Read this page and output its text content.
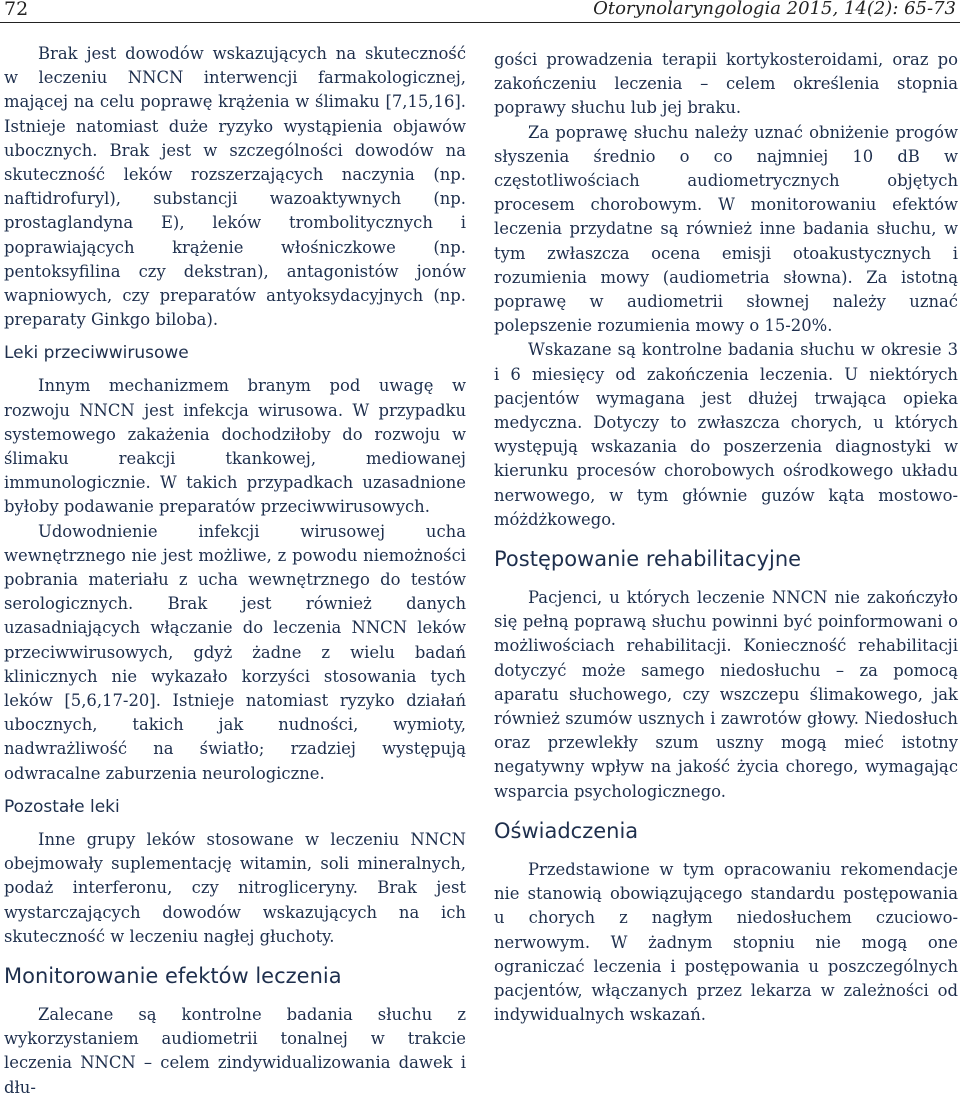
72	Otorynolaryngologia 2015, 14(2): 65-73

Brak jest dowodów wskazujących na skuteczność w leczeniu NNCN interwencji farmakologicznej, mającej na celu poprawę krążenia w ślimaku [7,15,16]. Istnieje natomiast duże ryzyko wystąpienia objawów ubocznych. Brak jest w szczególności dowodów na skuteczność leków rozszerzających naczynia (np. naftidrofuryl), substancji wazoaktywnych (np. prostaglandyna E), leków trombolitycznych i poprawiających krążenie włośniczkowe (np. pentoksyfilina czy dekstran), antagonistów jonów wapniowych, czy preparatów antyoksydacyjnych (np. preparaty Ginkgo biloba).

Leki przeciwwirusowe

Innym mechanizmem branym pod uwagę w rozwoju NNCN jest infekcja wirusowa. W przypadku systemowego zakażenia dochodziłoby do rozwoju w ślimaku reakcji tkankowej, mediowanej immunologicznie. W takich przypadkach uzasadnione byłoby podawanie preparatów przeciwwirusowych.

Udowodnienie infekcji wirusowej ucha wewnętrznego nie jest możliwe, z powodu niemożności pobrania materiału z ucha wewnętrznego do testów serologicznych. Brak jest również danych uzasadniających włączanie do leczenia NNCN leków przeciwwirusowych, gdyż żadne z wielu badań klinicznych nie wykazało korzyści stosowania tych leków [5,6,17-20]. Istnieje natomiast ryzyko działań ubocznych, takich jak nudności, wymioty, nadwrażliwość na światło; rzadziej występują odwracalne zaburzenia neurologiczne.

Pozostałe leki

Inne grupy leków stosowane w leczeniu NNCN obejmowały suplementację witamin, soli mineralnych, podaż interferonu, czy nitrogliceryny. Brak jest wystarczających dowodów wskazujących na ich skuteczność w leczeniu nagłej głuchoty.

Monitorowanie efektów leczenia

Zalecane są kontrolne badania słuchu z wykorzystaniem audiometrii tonalnej w trakcie leczenia NNCN – celem zindywidualizowania dawek i dłu-

gości prowadzenia terapii kortykosteroidami, oraz po zakończeniu leczenia – celem określenia stopnia poprawy słuchu lub jej braku.

Za poprawę słuchu należy uznać obniżenie progów słyszenia średnio o co najmniej 10 dB w częstotliwościach audiometrycznych objętych procesem chorobowym. W monitorowaniu efektów leczenia przydatne są również inne badania słuchu, w tym zwłaszcza ocena emisji otoakustycznych i rozumienia mowy (audiometria słowna). Za istotną poprawę w audiometrii słownej należy uznać polepszenie rozumienia mowy o 15-20%.

Wskazane są kontrolne badania słuchu w okresie 3 i 6 miesięcy od zakończenia leczenia. U niektórych pacjentów wymagana jest dłużej trwająca opieka medyczna. Dotyczy to zwłaszcza chorych, u których występują wskazania do poszerzenia diagnostyki w kierunku procesów chorobowych ośrodkowego układu nerwowego, w tym głównie guzów kąta mostowo-móżdżkowego.

Postępowanie rehabilitacyjne

Pacjenci, u których leczenie NNCN nie zakończyło się pełną poprawą słuchu powinni być poinformowani o możliwościach rehabilitacji. Konieczność rehabilitacji dotyczyć może samego niedosłuchu – za pomocą aparatu słuchowego, czy wszczepu ślimakowego, jak również szumów usznych i zawrotów głowy. Niedosłuch oraz przewlekły szum uszny mogą mieć istotny negatywny wpływ na jakość życia chorego, wymagając wsparcia psychologicznego.

Oświadczenia

Przedstawione w tym opracowaniu rekomendacje nie stanowią obowiązującego standardu postępowania u chorych z nagłym niedosłuchem czuciowo-nerwowym. W żadnym stopniu nie mogą one ograniczać leczenia i postępowania u poszczególnych pacjentów, włączanych przez lekarza w zależności od indywidualnych wskazań.
